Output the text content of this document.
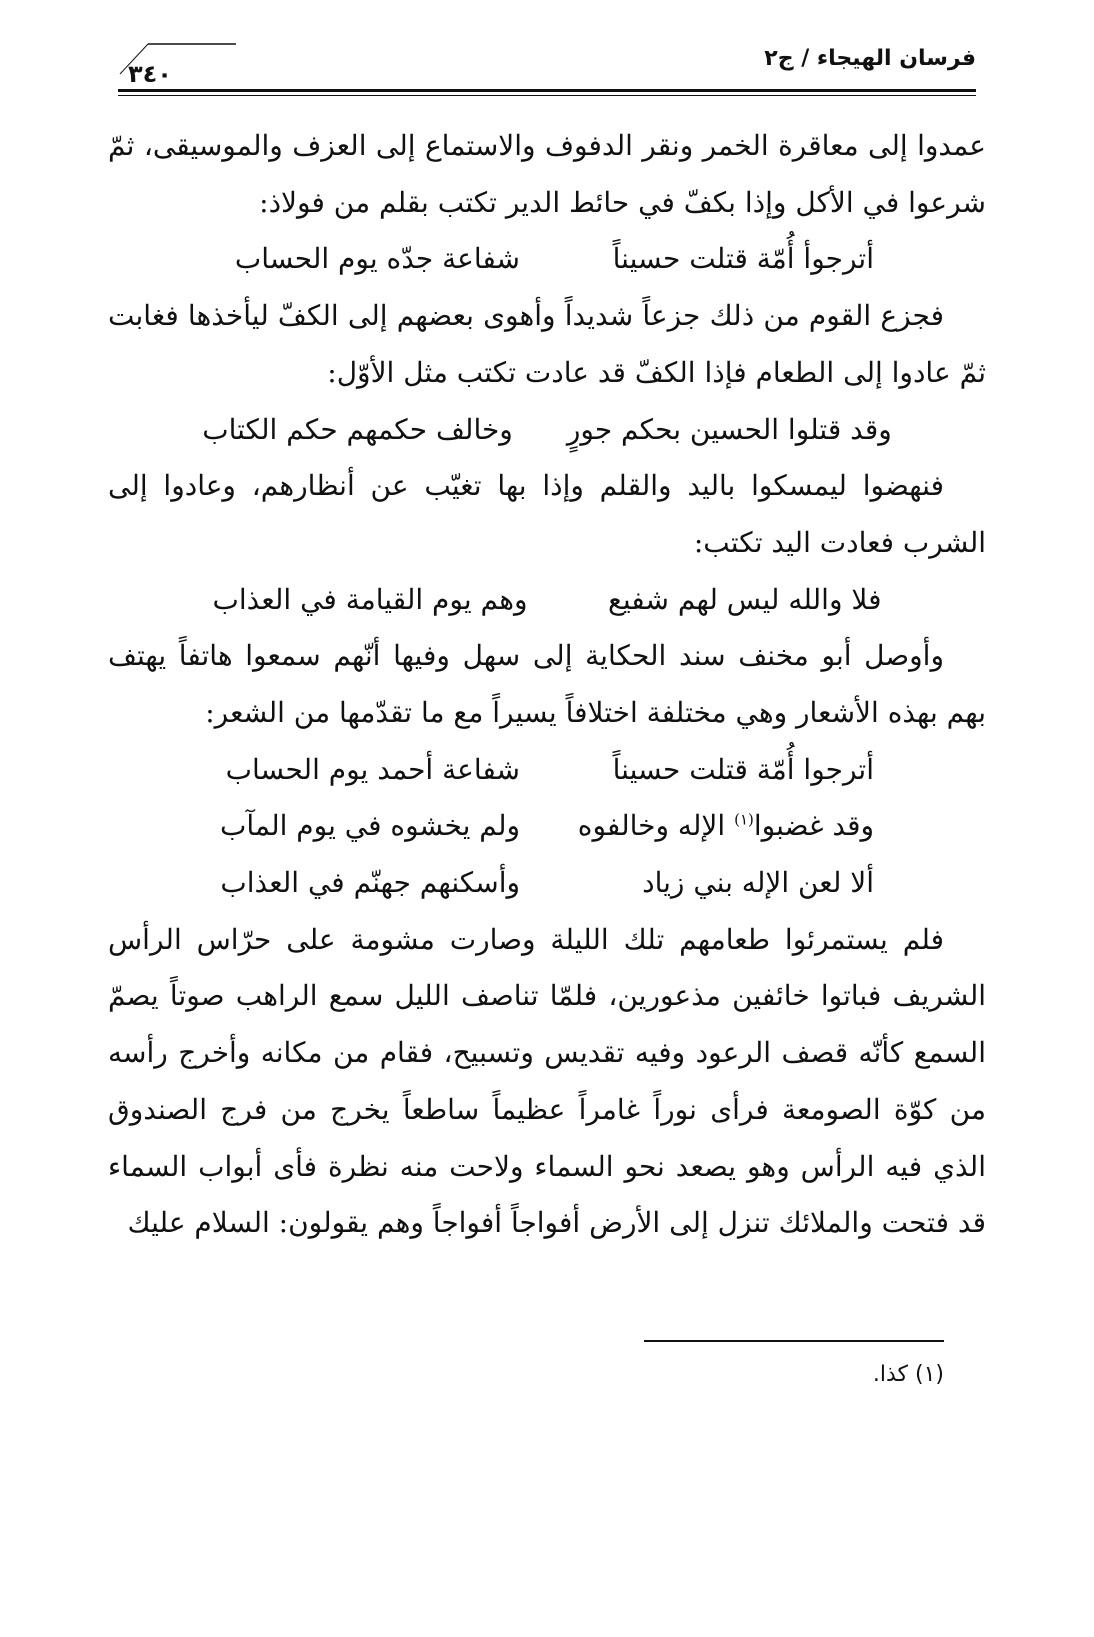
فرسان الهيجاء / ج٢
٣٤٠

عمدوا إلى معاقرة الخمر ونقر الدفوف والاستماع إلى العزف والموسيقى، ثمّ شرعوا في الأكل وإذا بكفّ في حائط الدير تكتب بقلم من فولاذ:

أترجوأ أُمّة قتلت حسيناً
شفاعة جدّه يوم الحساب

فجزع القوم من ذلك جزعاً شديداً وأهوى بعضهم إلى الكفّ ليأخذها فغابت ثمّ عادوا إلى الطعام فإذا الكفّ قد عادت تكتب مثل الأوّل:

وقد قتلوا الحسين بحكم جورٍ
وخالف حكمهم حكم الكتاب

فنهضوا ليمسكوا باليد والقلم وإذا بها تغيّب عن أنظارهم، وعادوا إلى الشرب فعادت اليد تكتب:

فلا والله ليس لهم شفيع
وهم يوم القيامة في العذاب

وأوصل أبو مخنف سند الحكاية إلى سهل وفيها أنّهم سمعوا هاتفاً يهتف بهم بهذه الأشعار وهي مختلفة اختلافاً يسيراً مع ما تقدّمها من الشعر:

أترجوا أُمّة قتلت حسيناً
شفاعة أحمد يوم الحساب
وقد غضبوا$^{(١)}$ الإله وخالفوه
ولم يخشوه في يوم المآب
ألا لعن الإله بني زياد
وأسكنهم جهنّم في العذاب

فلم يستمرئوا طعامهم تلك الليلة وصارت مشومة على حرّاس الرأس الشريف فباتوا خائفين مذعورين، فلمّا تناصف الليل سمع الراهب صوتاً يصمّ السمع كأنّه قصف الرعود وفيه تقديس وتسبيح، فقام من مكانه وأخرج رأسه من كوّة الصومعة فرأى نوراً غامراً عظيماً ساطعاً يخرج من فرج الصندوق الذي فيه الرأس وهو يصعد نحو السماء ولاحت منه نظرة فأى أبواب السماء قد فتحت والملائك تنزل إلى الأرض أفواجاً أفواجاً وهم يقولون: السلام عليك

(١) كذا.
